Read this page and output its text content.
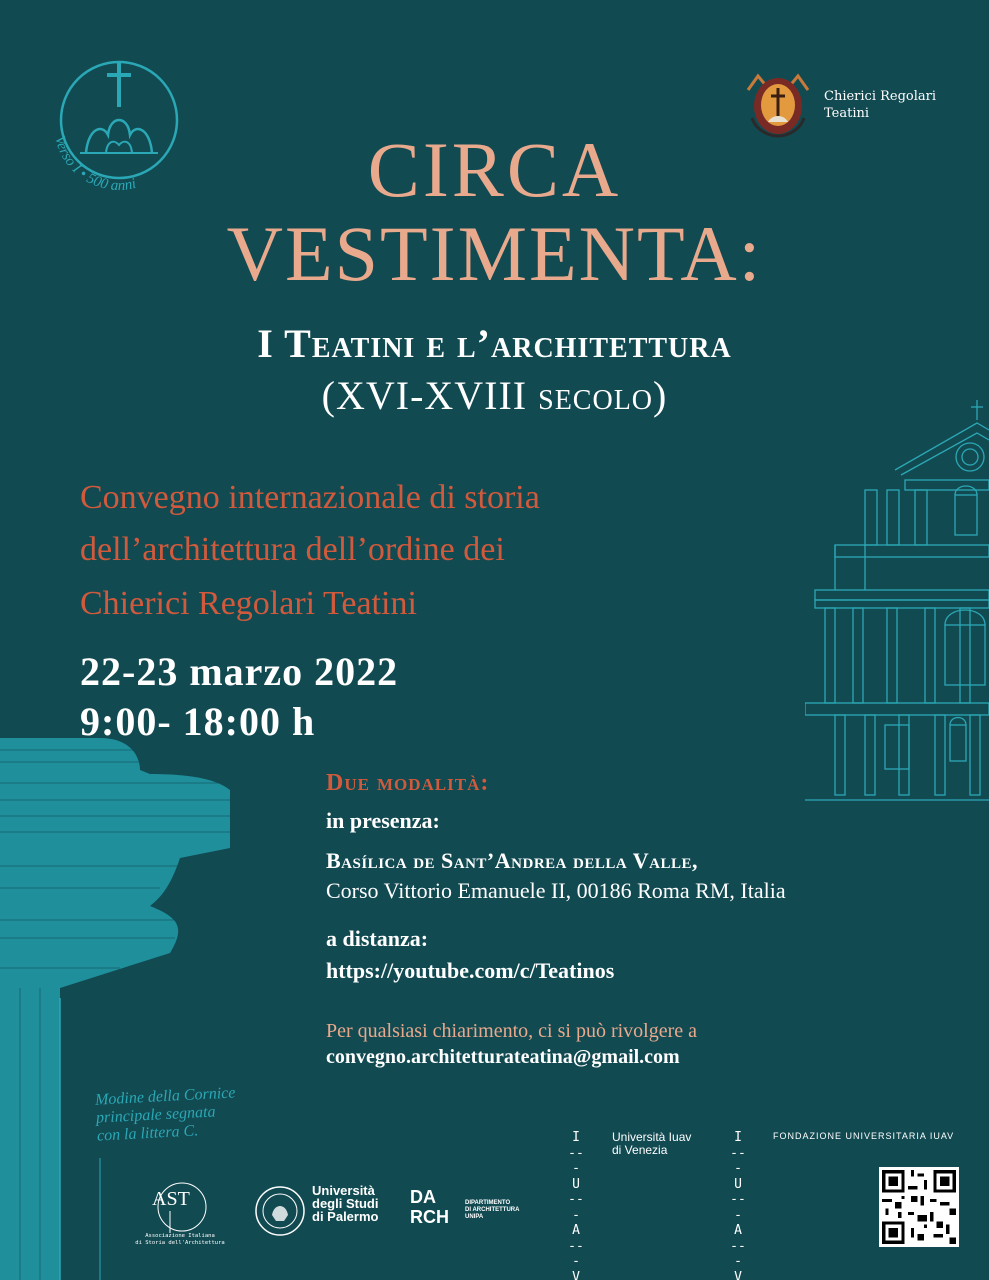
Verso I • 500 anni
Chierici Regolari
Teatini
CIRCA
VESTIMENTA:
I Teatini e l’architettura
(XVI-XVIII secolo)
Convegno internazionale di storia
dell’architettura dell’ordine dei
Chierici Regolari Teatini
22-23 marzo 2022
9:00- 18:00 h
Modine della Cornice
principale segnata
con la littera C.
Due modalità:
in presenza:
Basílica de Sant’Andrea della Valle,
Corso Vittorio Emanuele II, 00186 Roma RM, Italia
a distanza:
https://youtube.com/c/Teatinos
Per qualsiasi chiarimento, ci si può rivolgere a
convegno.architetturateatina@gmail.com
AST
Associazione Italiana
di Storia dell'Architettura
Università
degli Studi
di Palermo
DA
RCH
DIPARTIMENTO
DI ARCHITETTURA
UNIPA
I
---
U
---
A
---
V
Università Iuav
di Venezia
I
---
U
---
A
---
V
FONDAZIONE UNIVERSITARIA IUAV
